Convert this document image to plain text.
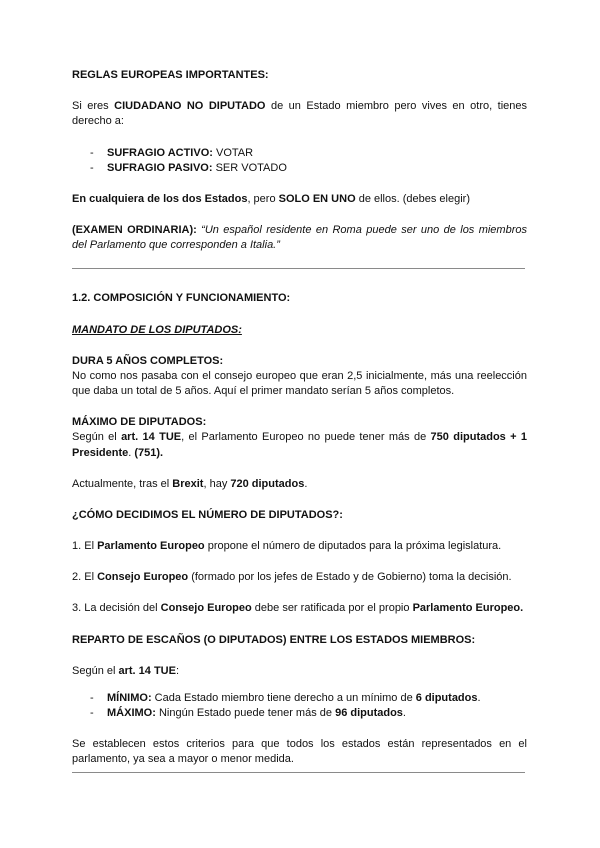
REGLAS EUROPEAS IMPORTANTES:

Si eres CIUDADANO NO DIPUTADO de un Estado miembro pero vives en otro, tienes derecho a:

- SUFRAGIO ACTIVO: VOTAR
- SUFRAGIO PASIVO: SER VOTADO

En cualquiera de los dos Estados, pero SOLO EN UNO de ellos. (debes elegir)

(EXAMEN ORDINARIA): “Un español residente en Roma puede ser uno de los miembros del Parlamento que corresponden a Italia.”

1.2. COMPOSICIÓN Y FUNCIONAMIENTO:

MANDATO DE LOS DIPUTADOS:

DURA 5 AÑOS COMPLETOS:

No como nos pasaba con el consejo europeo que eran 2,5 inicialmente, más una reelección que daba un total de 5 años. Aquí el primer mandato serían 5 años completos.

MÁXIMO DE DIPUTADOS:

Según el art. 14 TUE, el Parlamento Europeo no puede tener más de 750 diputados + 1 Presidente. (751).

Actualmente, tras el Brexit, hay 720 diputados.

¿CÓMO DECIDIMOS EL NÚMERO DE DIPUTADOS?:

1. El Parlamento Europeo propone el número de diputados para la próxima legislatura.

2. El Consejo Europeo (formado por los jefes de Estado y de Gobierno) toma la decisión.

3. La decisión del Consejo Europeo debe ser ratificada por el propio Parlamento Europeo.

REPARTO DE ESCAÑOS (O DIPUTADOS) ENTRE LOS ESTADOS MIEMBROS:

Según el art. 14 TUE:

- MÍNIMO: Cada Estado miembro tiene derecho a un mínimo de 6 diputados.
- MÁXIMO: Ningún Estado puede tener más de 96 diputados.

Se establecen estos criterios para que todos los estados están representados en el parlamento, ya sea a mayor o menor medida.
